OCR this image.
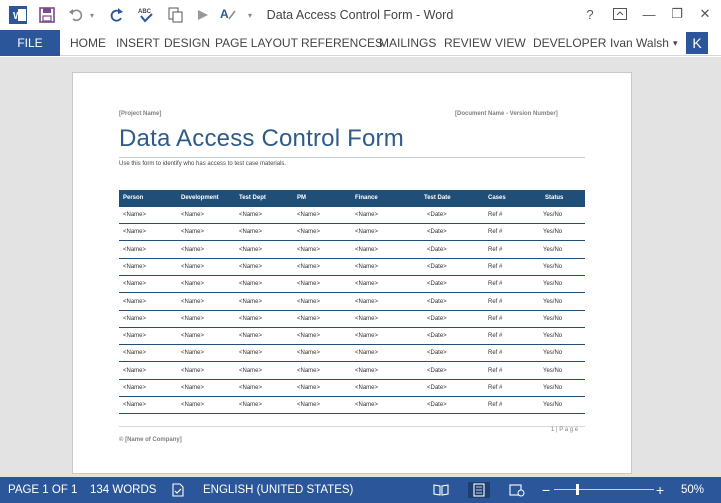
W	▾	ABC	A	▾	Data Access Control Form - Word	?	—	❐	✕
FILE	HOME INSERT DESIGN PAGE LAYOUT REFERENCES
MAILINGS REVIEW VIEW DEVELOPER Ivan Walsh ▾	K
[Project Name]	[Document Name - Version Number]
Data Access Control Form
Use this form to identify who has access to test case materials.
Person	Development	Test Dept	PM	Finance	Test Date	Cases	Status
<Name>	<Name>	<Name>	<Name>	<Name>	<Date>	Ref #	Yes/No
<Name>	<Name>	<Name>	<Name>	<Name>	<Date>	Ref #	Yes/No
<Name>	<Name>	<Name>	<Name>	<Name>	<Date>	Ref #	Yes/No
<Name>	<Name>	<Name>	<Name>	<Name>	<Date>	Ref #	Yes/No
<Name>	<Name>	<Name>	<Name>	<Name>	<Date>	Ref #	Yes/No
<Name>	<Name>	<Name>	<Name>	<Name>	<Date>	Ref #	Yes/No
<Name>	<Name>	<Name>	<Name>	<Name>	<Date>	Ref #	Yes/No
<Name>	<Name>	<Name>	<Name>	<Name>	<Date>	Ref #	Yes/No
<Name>	<Name>	<Name>	<Name>	<Name>	<Date>	Ref #	Yes/No
<Name>	<Name>	<Name>	<Name>	<Name>	<Date>	Ref #	Yes/No
<Name>	<Name>	<Name>	<Name>	<Name>	<Date>	Ref #	Yes/No
<Name>	<Name>	<Name>	<Name>	<Name>	<Date>	Ref #	Yes/No
1 | P a g e
© [Name of Company]
PAGE 1 OF 1 134 WORDS	ENGLISH (UNITED STATES)	−	+ 50%
